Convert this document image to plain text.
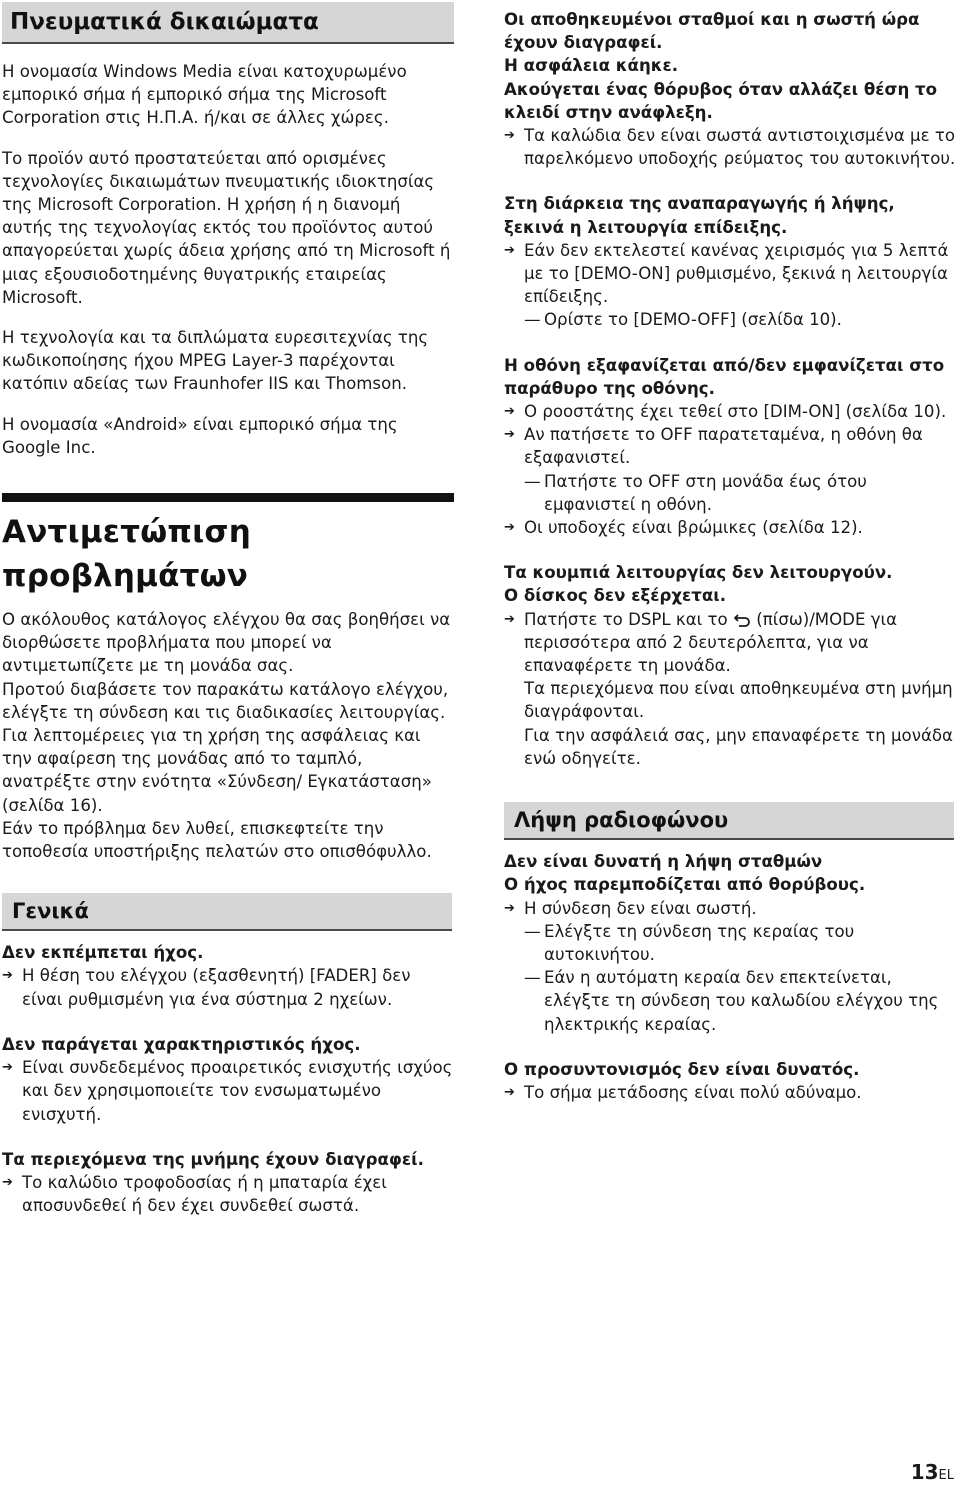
Πνευματικά δικαιώματα

Η ονομασία Windows Media είναι κατοχυρωμένο εμπορικό σήμα ή εμπορικό σήμα της Microsoft Corporation στις Η.Π.Α. ή/και σε άλλες χώρες.

Το προϊόν αυτό προστατεύεται από ορισμένες τεχνολογίες δικαιωμάτων πνευματικής ιδιοκτησίας της Microsoft Corporation. Η χρήση ή η διανομή αυτής της τεχνολογίας εκτός του προϊόντος αυτού απαγορεύεται χωρίς άδεια χρήσης από τη Microsoft ή μιας εξουσιοδοτημένης θυγατρικής εταιρείας Microsoft.

Η τεχνολογία και τα διπλώματα ευρεσιτεχνίας της κωδικοποίησης ήχου MPEG Layer-3 παρέχονται κατόπιν αδείας των Fraunhofer IIS και Thomson.

Η ονομασία «Android» είναι εμπορικό σήμα της Google Inc.

Αντιμετώπιση προβλημάτων

Ο ακόλουθος κατάλογος ελέγχου θα σας βοηθήσει να διορθώσετε προβλήματα που μπορεί να αντιμετωπίζετε με τη μονάδα σας.

Προτού διαβάσετε τον παρακάτω κατάλογο ελέγχου, ελέγξτε τη σύνδεση και τις διαδικασίες λειτουργίας.

Για λεπτομέρειες για τη χρήση της ασφάλειας και την αφαίρεση της μονάδας από το ταμπλό, ανατρέξτε στην ενότητα «Σύνδεση/ Εγκατάσταση» (σελίδα 16).

Εάν το πρόβλημα δεν λυθεί, επισκεφτείτε την τοποθεσία υποστήριξης πελατών στο οπισθόφυλλο.

Γενικά

Δεν εκπέμπεται ήχος.

➔ Η θέση του ελέγχου (εξασθενητή) [FADER] δεν είναι ρυθμισμένη για ένα σύστημα 2 ηχείων.

Δεν παράγεται χαρακτηριστικός ήχος.

➔ Είναι συνδεδεμένος προαιρετικός ενισχυτής ισχύος και δεν χρησιμοποιείτε τον ενσωματωμένο ενισχυτή.

Τα περιεχόμενα της μνήμης έχουν διαγραφεί.

➔ Το καλώδιο τροφοδοσίας ή η μπαταρία έχει αποσυνδεθεί ή δεν έχει συνδεθεί σωστά.

Οι αποθηκευμένοι σταθμοί και η σωστή ώρα έχουν διαγραφεί.

Η ασφάλεια κάηκε.

Ακούγεται ένας θόρυβος όταν αλλάζει θέση το κλειδί στην ανάφλεξη.

➔ Τα καλώδια δεν είναι σωστά αντιστοιχισμένα με το παρελκόμενο υποδοχής ρεύματος του αυτοκινήτου.

Στη διάρκεια της αναπαραγωγής ή λήψης, ξεκινά η λειτουργία επίδειξης.

➔ Εάν δεν εκτελεστεί κανένας χειρισμός για 5 λεπτά με το [DEMO-ON] ρυθμισμένο, ξεκινά η λειτουργία επίδειξης.
— Ορίστε το [DEMO-OFF] (σελίδα 10).

Η οθόνη εξαφανίζεται από/δεν εμφανίζεται στο παράθυρο της οθόνης.

➔ Ο ροοστάτης έχει τεθεί στο [DIM-ON] (σελίδα 10).
➔ Αν πατήσετε το OFF παρατεταμένα, η οθόνη θα εξαφανιστεί.
— Πατήστε το OFF στη μονάδα έως ότου εμφανιστεί η οθόνη.
➔ Οι υποδοχές είναι βρώμικες (σελίδα 12).

Τα κουμπιά λειτουργίας δεν λειτουργούν.

Ο δίσκος δεν εξέρχεται.

➔ Πατήστε το DSPL και το (πίσω)/MODE για περισσότερα από 2 δευτερόλεπτα, για να επαναφέρετε τη μονάδα.

Τα περιεχόμενα που είναι αποθηκευμένα στη μνήμη διαγράφονται.

Για την ασφάλειά σας, μην επαναφέρετε τη μονάδα ενώ οδηγείτε.

Λήψη ραδιοφώνου

Δεν είναι δυνατή η λήψη σταθμών

Ο ήχος παρεμποδίζεται από θορύβους.

➔ Η σύνδεση δεν είναι σωστή.
— Ελέγξτε τη σύνδεση της κεραίας του αυτοκινήτου.
— Εάν η αυτόματη κεραία δεν επεκτείνεται, ελέγξτε τη σύνδεση του καλωδίου ελέγχου της ηλεκτρικής κεραίας.

Ο προσυντονισμός δεν είναι δυνατός.

➔ Το σήμα μετάδοσης είναι πολύ αδύναμο.
13EL
